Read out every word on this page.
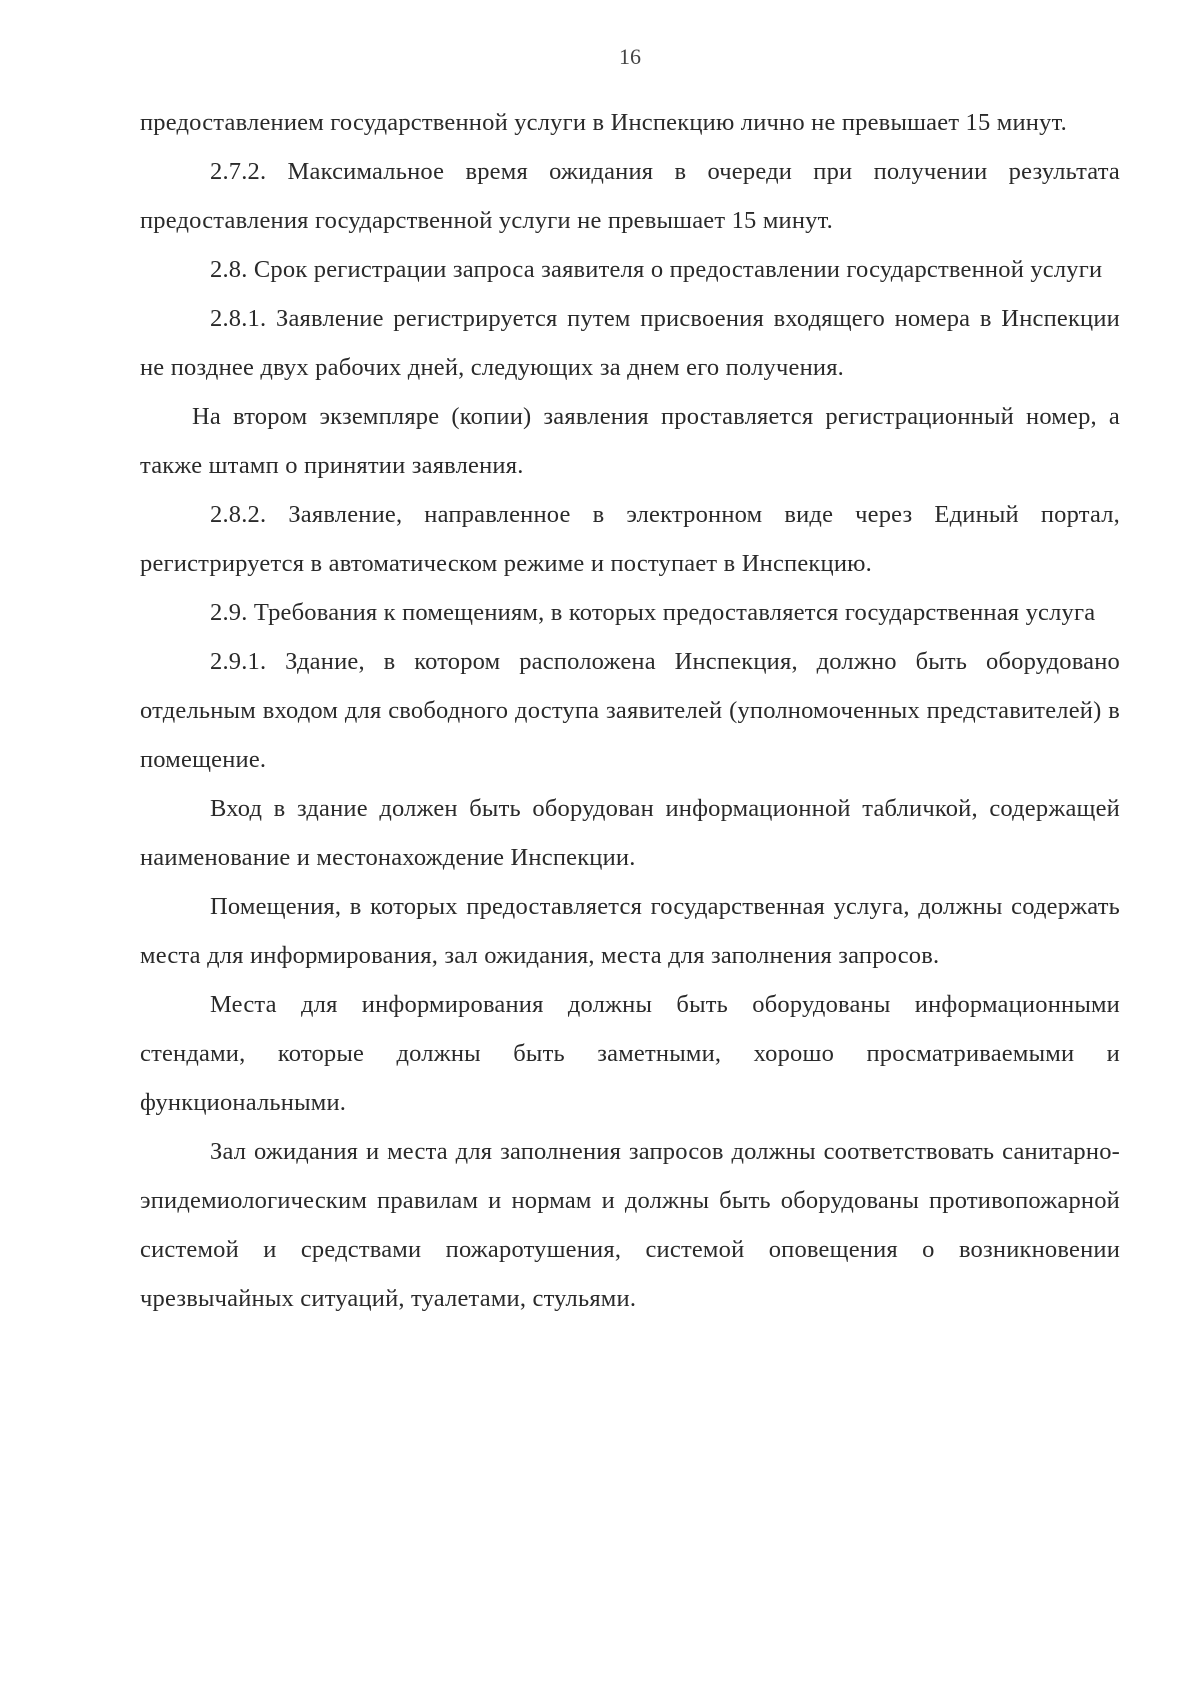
16

предоставлением государственной услуги в Инспекцию лично не превышает 15 минут.

2.7.2. Максимальное время ожидания в очереди при получении результата предоставления государственной услуги не превышает 15 минут.

2.8. Срок регистрации запроса заявителя о предоставлении государственной услуги

2.8.1. Заявление регистрируется путем присвоения входящего номера в Инспекции не позднее двух рабочих дней, следующих за днем его получения.

На втором экземпляре (копии) заявления проставляется регистрационный номер, а также штамп о принятии заявления.

2.8.2. Заявление, направленное в электронном виде через Единый портал, регистрируется в автоматическом режиме и поступает в Инспекцию.

2.9. Требования к помещениям, в которых предоставляется государственная услуга

2.9.1. Здание, в котором расположена Инспекция, должно быть оборудовано отдельным входом для свободного доступа заявителей (уполномоченных представителей) в помещение.

Вход в здание должен быть оборудован информационной табличкой, содержащей наименование и местонахождение Инспекции.

Помещения, в которых предоставляется государственная услуга, должны содержать места для информирования, зал ожидания, места для заполнения запросов.

Места для информирования должны быть оборудованы информационными стендами, которые должны быть заметными, хорошо просматриваемыми и функциональными.

Зал ожидания и места для заполнения запросов должны соответствовать санитарно-эпидемиологическим правилам и нормам и должны быть оборудованы противопожарной системой и средствами пожаротушения, системой оповещения о возникновении чрезвычайных ситуаций, туалетами, стульями.
